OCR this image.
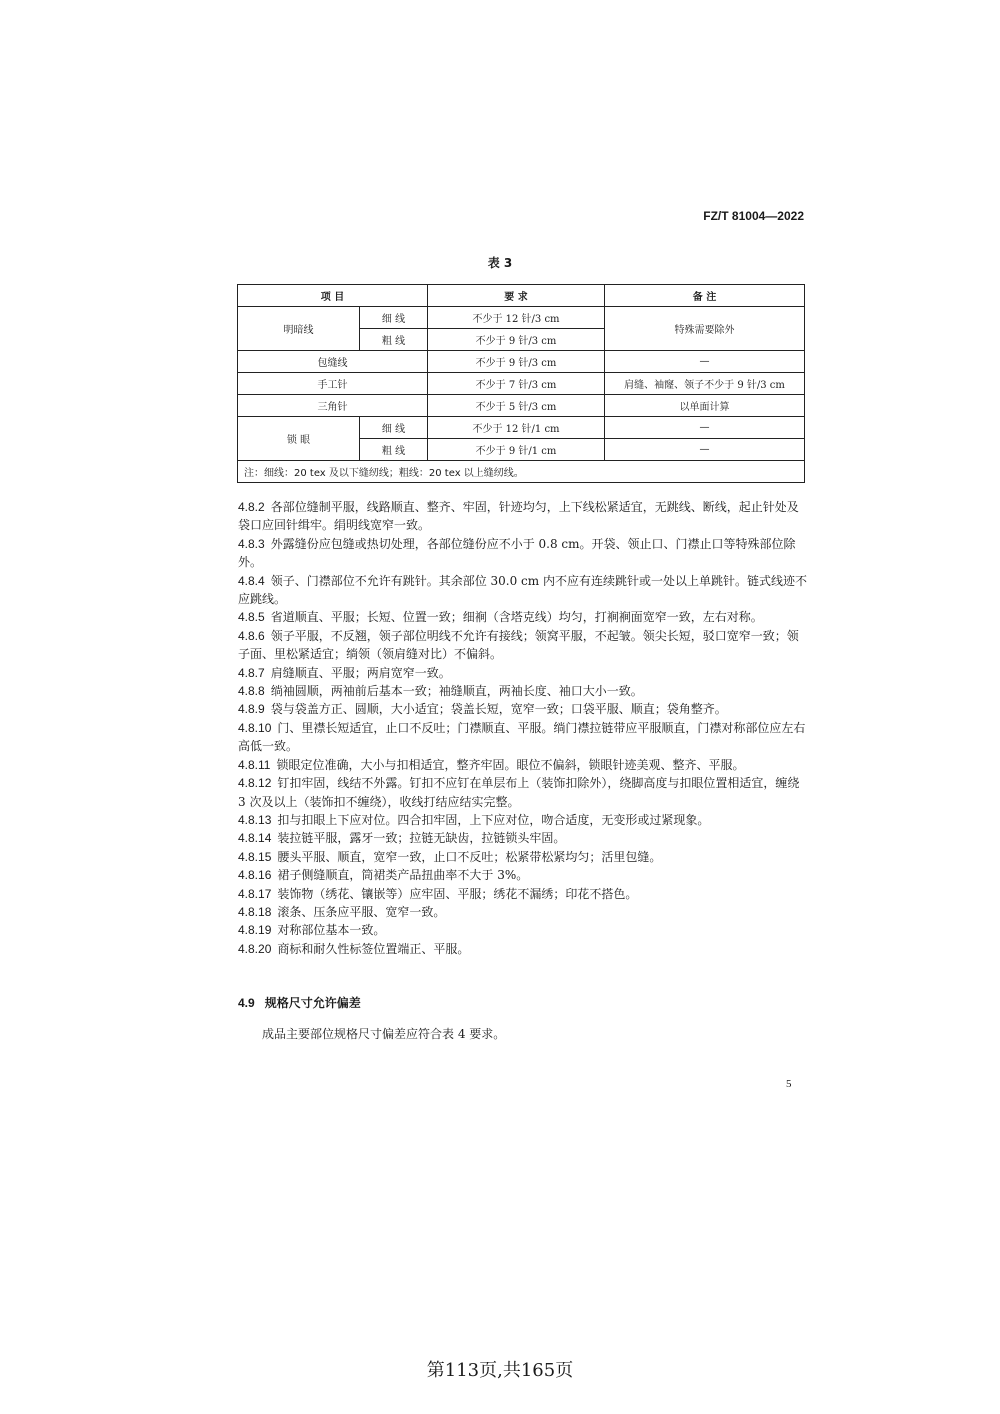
FZ/T 81004—2022
表 3
项 目		要 求	备 注
明暗线	细 线	不少于 12 针/3 cm	特殊需要除外
	粗 线	不少于 9 针/3 cm	
包缝线		不少于 9 针/3 cm	—
手工针		不少于 7 针/3 cm	肩缝、袖窿、领子不少于 9 针/3 cm
三角针		不少于 5 针/3 cm	以单面计算
锁 眼	细 线	不少于 12 针/1 cm	—
	粗 线	不少于 9 针/1 cm	—
注：细线：20 tex 及以下缝纫线；粗线：20 tex 以上缝纫线。			

4.8.2 各部位缝制平服，线路顺直、整齐、牢固，针迹均匀，上下线松紧适宜，无跳线、断线，起止针处及袋口应回针缉牢。绢明线宽窄一致。

4.8.3 外露缝份应包缝或热切处理，各部位缝份应不小于 0.8 cm。开袋、领止口、门襟止口等特殊部位除外。

4.8.4 领子、门襟部位不允许有跳针。其余部位 30.0 cm 内不应有连续跳针或一处以上单跳针。链式线迹不应跳线。

4.8.5 省道顺直、平服；长短、位置一致；细裥（含塔克线）均匀，打裥裥面宽窄一致，左右对称。

4.8.6 领子平服，不反翘，领子部位明线不允许有接线；领窝平服，不起皱。领尖长短，驳口宽窄一致；领子面、里松紧适宜；绱领（领肩缝对比）不偏斜。

4.8.7 肩缝顺直、平服；两肩宽窄一致。

4.8.8 绱袖圆顺，两袖前后基本一致；袖缝顺直，两袖长度、袖口大小一致。

4.8.9 袋与袋盖方正、圆顺，大小适宜；袋盖长短，宽窄一致；口袋平服、顺直；袋角整齐。

4.8.10 门、里襟长短适宜，止口不反吐；门襟顺直、平服。绱门襟拉链带应平服顺直，门襟对称部位应左右高低一致。

4.8.11 锁眼定位准确，大小与扣相适宜，整齐牢固。眼位不偏斜，锁眼针迹美观、整齐、平服。

4.8.12 钉扣牢固，线结不外露。钉扣不应钉在单层布上（装饰扣除外），绕脚高度与扣眼位置相适宜，缠绕 3 次及以上（装饰扣不缠绕），收线打结应结实完整。

4.8.13 扣与扣眼上下应对位。四合扣牢固，上下应对位，吻合适度，无变形或过紧现象。

4.8.14 装拉链平服，露牙一致；拉链无缺齿，拉链锁头牢固。

4.8.15 腰头平服、顺直，宽窄一致，止口不反吐；松紧带松紧均匀；活里包缝。

4.8.16 裙子侧缝顺直，筒裙类产品扭曲率不大于 3%。

4.8.17 装饰物（绣花、镶嵌等）应牢固、平服；绣花不漏绣；印花不搭色。

4.8.18 滚条、压条应平服、宽窄一致。

4.8.19 对称部位基本一致。

4.8.20 商标和耐久性标签位置端正、平服。

4.9 规格尺寸允许偏差
成品主要部位规格尺寸偏差应符合表 4 要求。
5
第113页,共165页
